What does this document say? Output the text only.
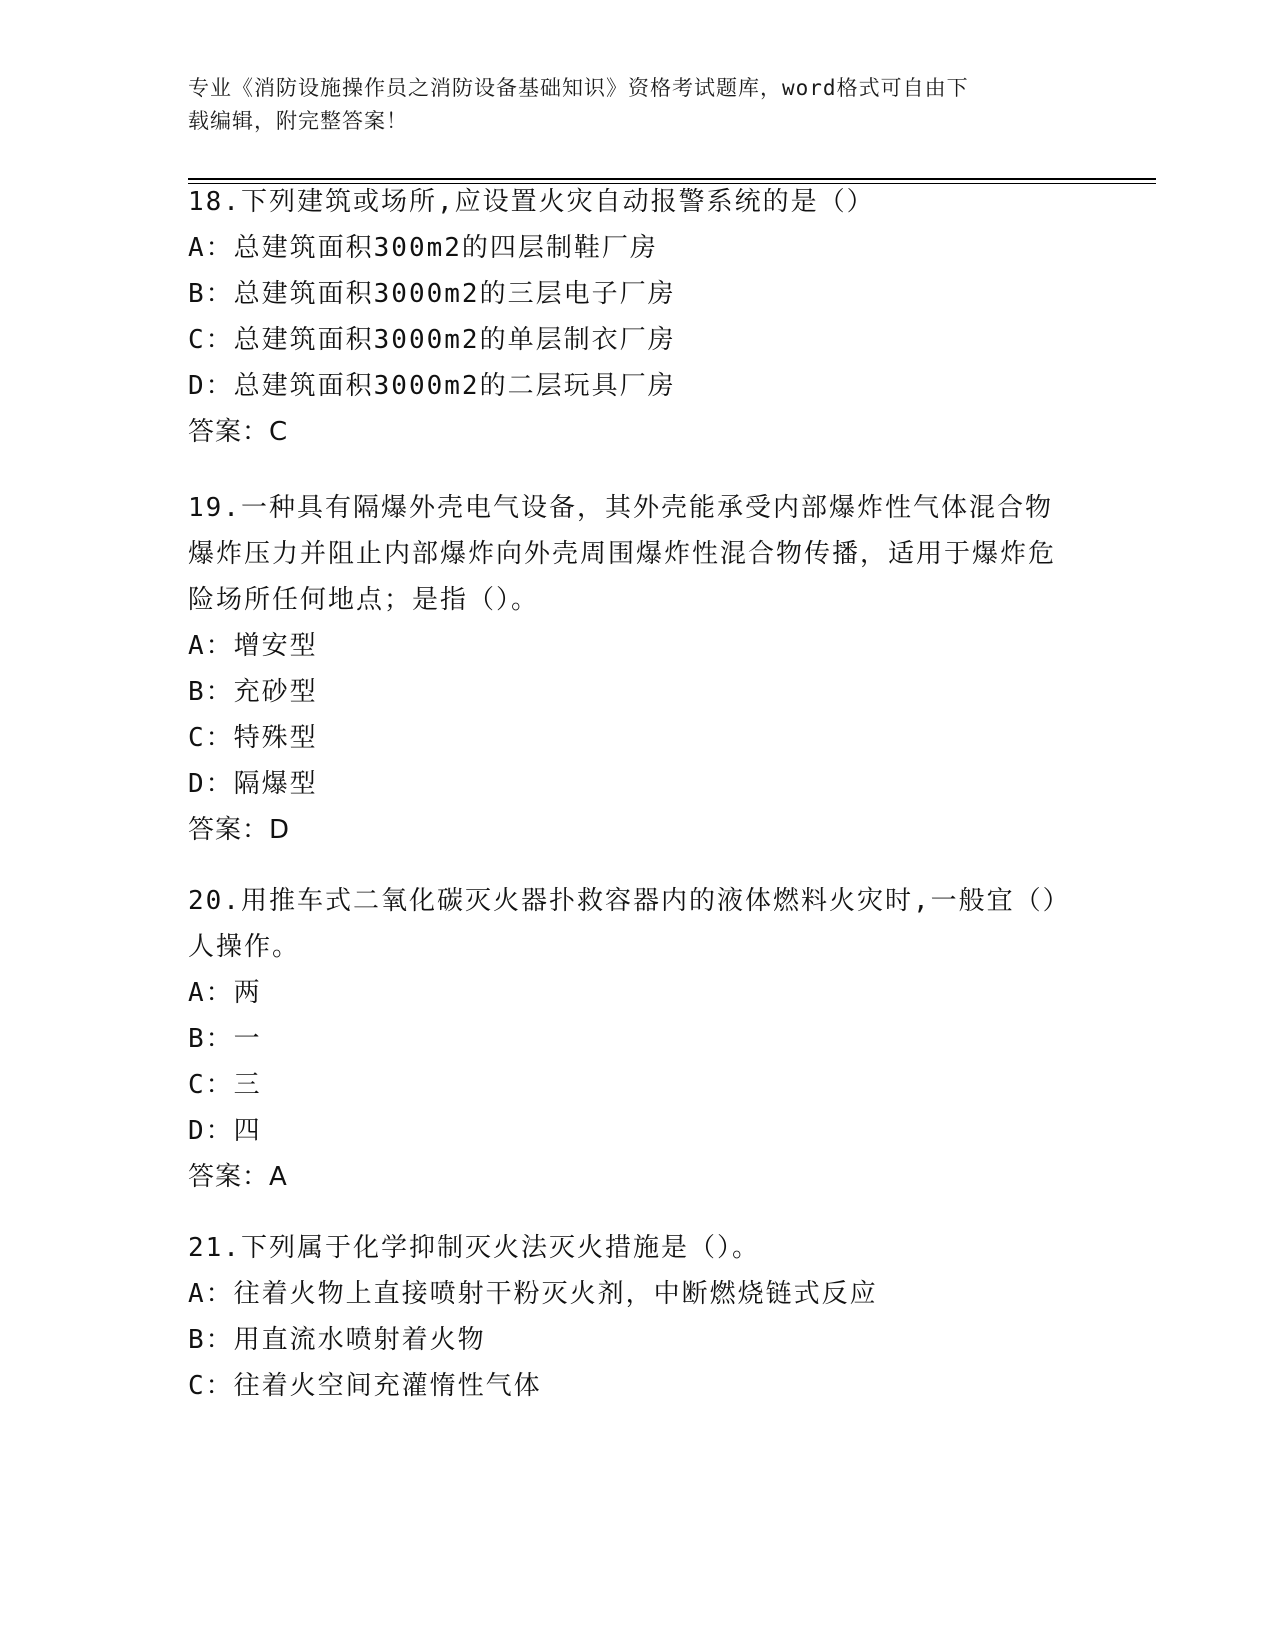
专业《消防设施操作员之消防设备基础知识》资格考试题库，word格式可自由下
载编辑，附完整答案！
18.下列建筑或场所,应设置火灾自动报警系统的是（）
A：总建筑面积300m2的四层制鞋厂房
B：总建筑面积3000m2的三层电子厂房
C：总建筑面积3000m2的单层制衣厂房
D：总建筑面积3000m2的二层玩具厂房
答案：C
19.一种具有隔爆外壳电气设备，其外壳能承受内部爆炸性气体混合物爆炸压力并阻止内部爆炸向外壳周围爆炸性混合物传播，适用于爆炸危险场所任何地点；是指（）。
A：增安型
B：充砂型
C：特殊型
D：隔爆型
答案：D
20.用推车式二氧化碳灭火器扑救容器内的液体燃料火灾时,一般宜（）人操作。
A：两
B：一
C：三
D：四
答案：A
21.下列属于化学抑制灭火法灭火措施是（）。
A：往着火物上直接喷射干粉灭火剂，中断燃烧链式反应
B：用直流水喷射着火物
C：往着火空间充灌惰性气体
